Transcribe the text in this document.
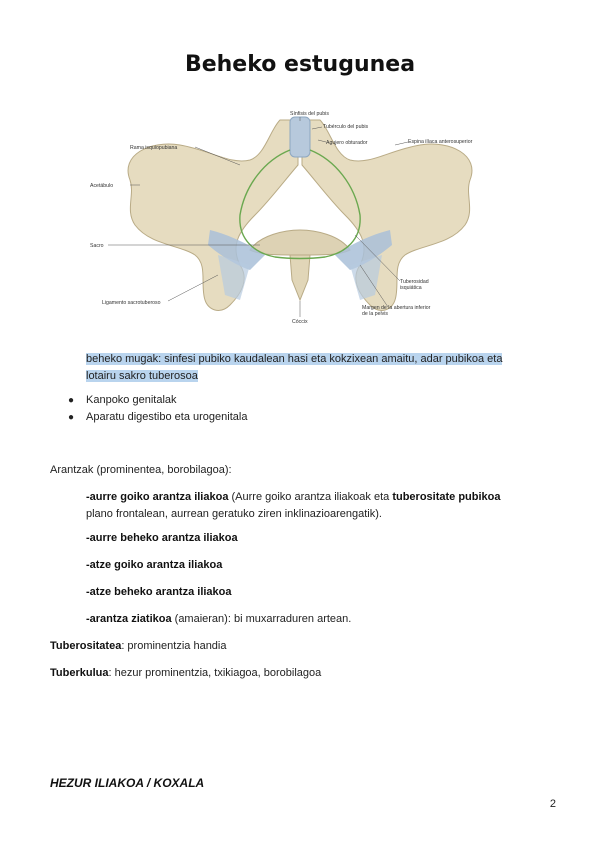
Beheko estugunea
Sínfisis del pubis
Tubérculo del pubis
Agujero obturador	Espina ilíaca anterosuperior
Rama isquiopubiana
Acetábulo
Sacro
Ligamento sacrotuberoso
Cóccix
Tuberosidad
isquiática
Margen de la abertura inferior
de la pelvis
beheko mugak: sinfesi pubiko kaudalean hasi eta kokzixean amaitu, adar pubikoa eta lotairu sakro tuberosoa
● Kanpoko genitalak
● Aparatu digestibo eta urogenitala
Arantzak (prominentea, borobilagoa):
-aurre goiko arantza iliakoa (Aurre goiko arantza iliakoak eta tuberositate pubikoa plano frontalean, aurrean geratuko ziren inklinazioarengatik).
-aurre beheko arantza iliakoa
-atze goiko arantza iliakoa
-atze beheko arantza iliakoa
-arantza ziatikoa (amaieran): bi muxarraduren artean.
Tuberositatea: prominentzia handia
Tuberkulua: hezur prominentzia, txikiagoa, borobilagoa
HEZUR ILIAKOA / KOXALA
2
